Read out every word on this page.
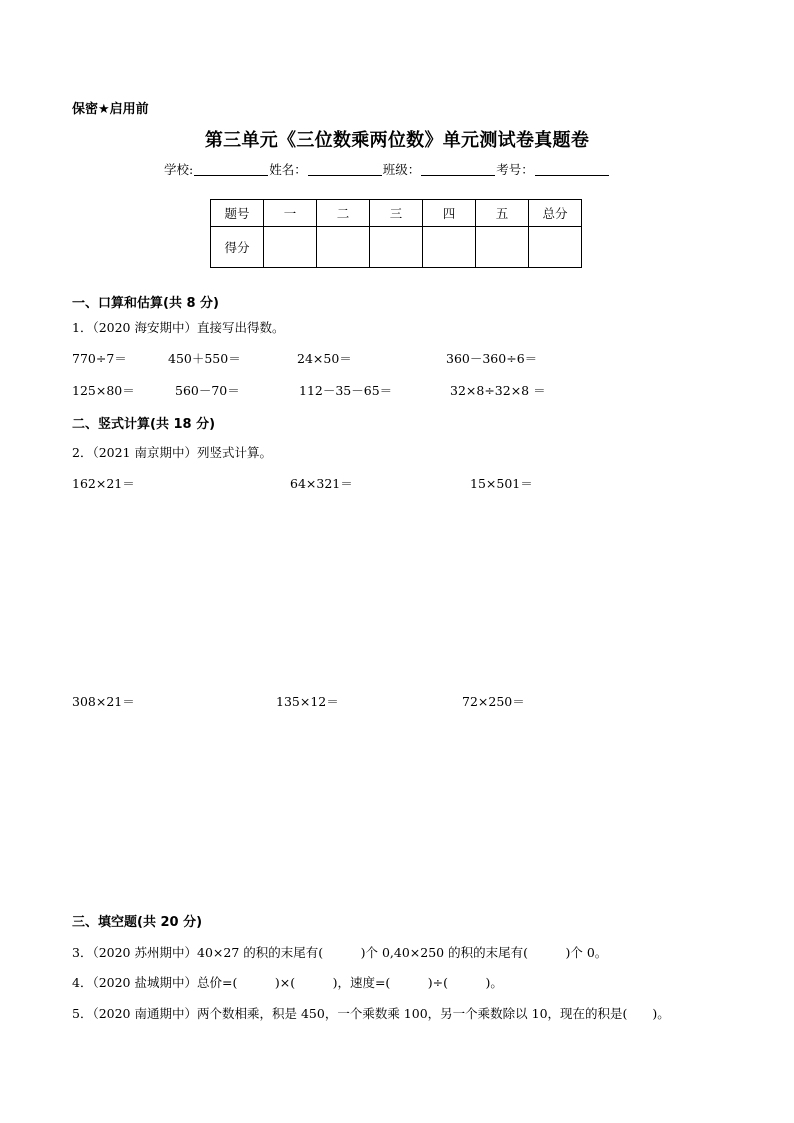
保密★启用前
第三单元《三位数乘两位数》单元测试卷真题卷
学校:	姓名：	班级：	考号：
题号	一	二	三	四	五	总分
得分						
一、口算和估算(共 8 分)
1．（2020 海安期中）直接写出得数。
770÷7＝	450＋550＝	24×50＝	360－360÷6＝
125×80＝	560－70＝	112－35－65＝	32×8÷32×8 ＝
二、竖式计算(共 18 分)
2．（2021 南京期中）列竖式计算。
162×21＝	64×321＝	15×501＝
308×21＝	135×12＝	72×250＝
三、填空题(共 20 分)
3．（2020 苏州期中）40×27 的积的末尾有(　　　)个 0,40×250 的积的末尾有(　　　)个 0。
4．（2020 盐城期中）总价=(　　　)×(　　　)，速度=(　　　)÷(　　　)。
5．（2020 南通期中）两个数相乘，积是 450，一个乘数乘 100，另一个乘数除以 10，现在的积是(　　)。
